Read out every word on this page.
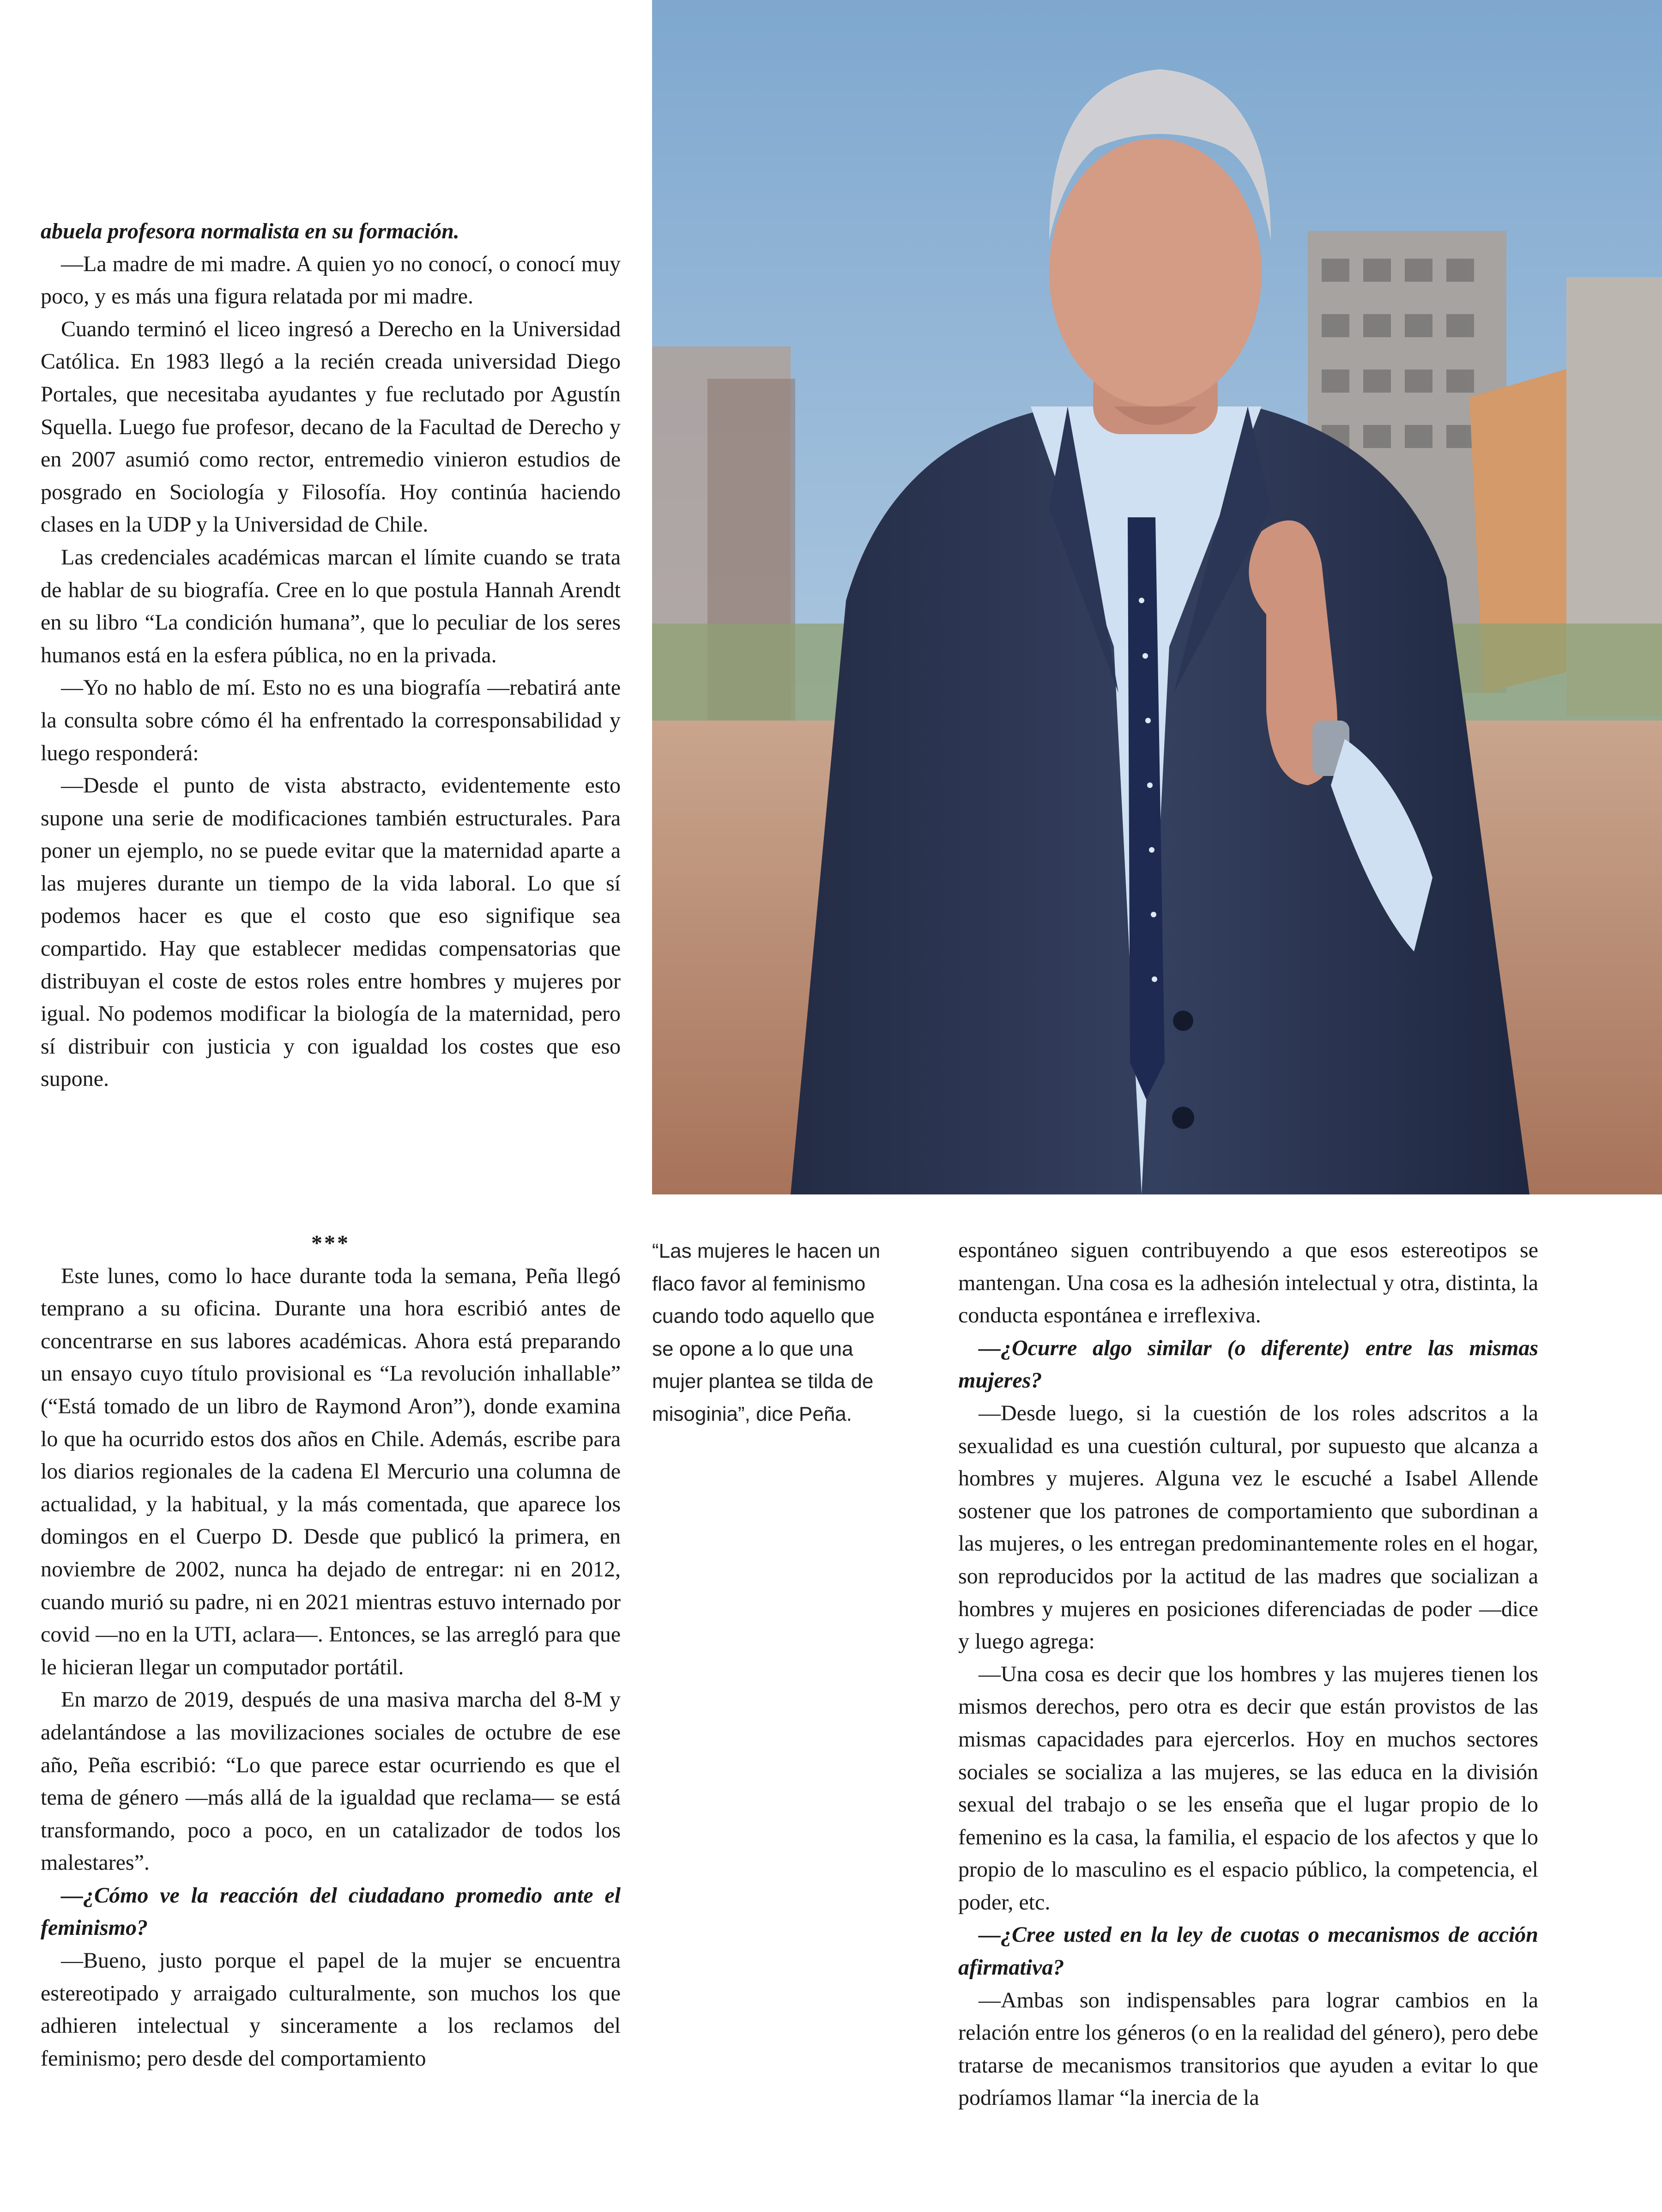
abuela profesora normalista en su formación.

—La madre de mi madre. A quien yo no conocí, o conocí muy poco, y es más una figura relatada por mi madre.

Cuando terminó el liceo ingresó a Derecho en la Universidad Católica. En 1983 llegó a la recién creada universidad Diego Portales, que necesitaba ayudantes y fue reclutado por Agustín Squella. Luego fue profesor, decano de la Facultad de Derecho y en 2007 asumió como rector, entremedio vinieron estudios de posgrado en Sociología y Filosofía. Hoy continúa haciendo clases en la UDP y la Universidad de Chile.

Las credenciales académicas marcan el límite cuando se trata de hablar de su biografía. Cree en lo que postula Hannah Arendt en su libro “La condición humana”, que lo peculiar de los seres humanos está en la esfera pública, no en la privada.

—Yo no hablo de mí. Esto no es una biografía —rebatirá ante la consulta sobre cómo él ha enfrentado la corresponsabilidad y luego responderá:

—Desde el punto de vista abstracto, evidentemente esto supone una serie de modificaciones también estructurales. Para poner un ejemplo, no se puede evitar que la maternidad aparte a las mujeres durante un tiempo de la vida laboral. Lo que sí podemos hacer es que el costo que eso signifique sea compartido. Hay que establecer medidas compensatorias que distribuyan el coste de estos roles entre hombres y mujeres por igual. No podemos modificar la biología de la maternidad, pero sí distribuir con justicia y con igualdad los costes que eso supone.

***

Este lunes, como lo hace durante toda la semana, Peña llegó temprano a su oficina. Durante una hora escribió antes de concentrarse en sus labores académicas. Ahora está preparando un ensayo cuyo título provisional es “La revolución inhallable” (“Está tomado de un libro de Raymond Aron”), donde examina lo que ha ocurrido estos dos años en Chile. Además, escribe para los diarios regionales de la cadena El Mercurio una columna de actualidad, y la habitual, y la más comentada, que aparece los domingos en el Cuerpo D. Desde que publicó la primera, en noviembre de 2002, nunca ha dejado de entregar: ni en 2012, cuando murió su padre, ni en 2021 mientras estuvo internado por covid —no en la UTI, aclara—. Entonces, se las arregló para que le hicieran llegar un computador portátil.

En marzo de 2019, después de una masiva marcha del 8-M y adelantándose a las movilizaciones sociales de octubre de ese año, Peña escribió: “Lo que parece estar ocurriendo es que el tema de género —más allá de la igualdad que reclama— se está transformando, poco a poco, en un catalizador de todos los malestares”.

—¿Cómo ve la reacción del ciudadano promedio ante el feminismo?

—Bueno, justo porque el papel de la mujer se encuentra estereotipado y arraigado culturalmente, son muchos los que adhieren intelectual y sinceramente a los reclamos del feminismo; pero desde del comportamiento

“Las mujeres le hacen un flaco favor al feminismo cuando todo aquello que se opone a lo que una mujer plantea se tilda de misoginia”, dice Peña.

espontáneo siguen contribuyendo a que esos estereotipos se mantengan. Una cosa es la adhesión intelectual y otra, distinta, la conducta espontánea e irreflexiva.

—¿Ocurre algo similar (o diferente) entre las mismas mujeres?

—Desde luego, si la cuestión de los roles adscritos a la sexualidad es una cuestión cultural, por supuesto que alcanza a hombres y mujeres. Alguna vez le escuché a Isabel Allende sostener que los patrones de comportamiento que subordinan a las mujeres, o les entregan predominantemente roles en el hogar, son reproducidos por la actitud de las madres que socializan a hombres y mujeres en posiciones diferenciadas de poder —dice y luego agrega:

—Una cosa es decir que los hombres y las mujeres tienen los mismos derechos, pero otra es decir que están provistos de las mismas capacidades para ejercerlos. Hoy en muchos sectores sociales se socializa a las mujeres, se las educa en la división sexual del trabajo o se les enseña que el lugar propio de lo femenino es la casa, la familia, el espacio de los afectos y que lo propio de lo masculino es el espacio público, la competencia, el poder, etc.

—¿Cree usted en la ley de cuotas o mecanismos de acción afirmativa?

—Ambas son indispensables para lograr cambios en la relación entre los géneros (o en la realidad del género), pero debe tratarse de mecanismos transitorios que ayuden a evitar lo que podríamos llamar “la inercia de la
